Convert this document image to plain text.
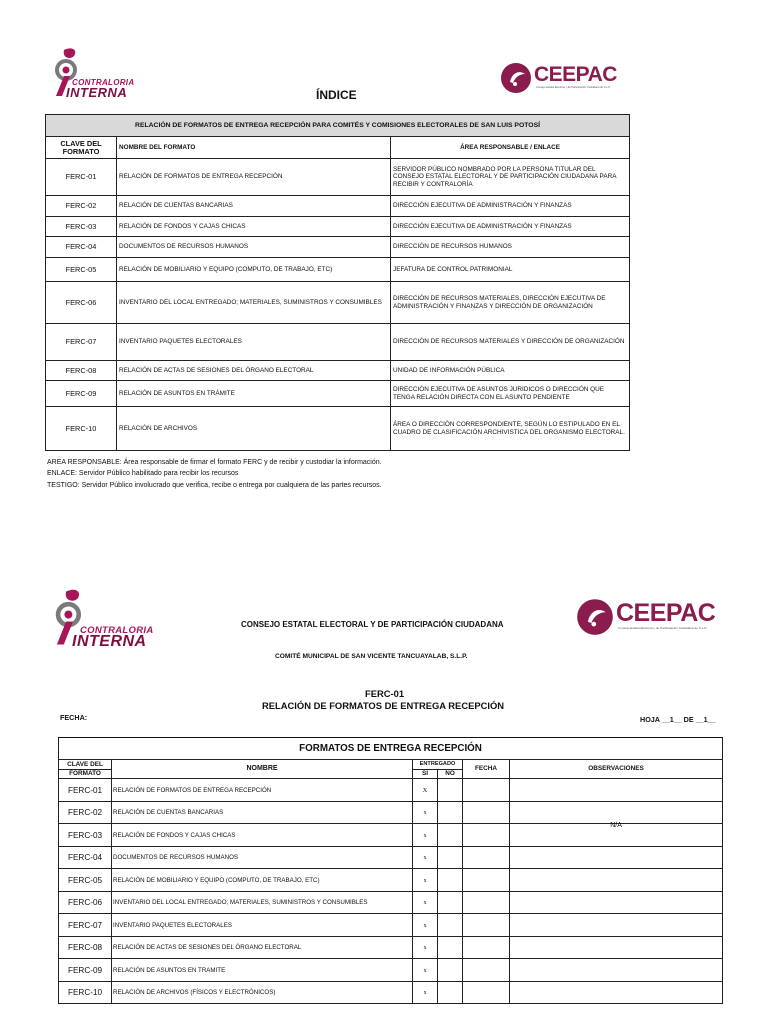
CONTRALORIA
INTERNA
CEEPAC
Consejo Estatal Electoral y de Participación Ciudadana de S.L.P.
ÍNDICE
RELACIÓN DE FORMATOS DE ENTREGA RECEPCIÓN PARA COMITÉS Y COMISIONES ELECTORALES DE SAN LUIS POTOSÍ		
CLAVE DEL FORMATO	NOMBRE DEL FORMATO	ÁREA RESPONSABLE / ENLACE
FERC-01	RELACIÓN DE FORMATOS DE ENTREGA RECEPCIÓN	SERVIDOR PÚBLICO NOMBRADO POR LA PERSONA TITULAR DEL CONSEJO ESTATAL ELECTORAL Y DE PARTICIPACIÓN CIUDADANA PARA RECIBIR Y CONTRALORÍA
FERC-02	RELACIÓN DE CUENTAS BANCARIAS	DIRECCIÓN EJECUTIVA DE ADMINISTRACIÓN Y FINANZAS
FERC-03	RELACIÓN DE FONDOS Y CAJAS CHICAS	DIRECCIÓN EJECUTIVA DE ADMINISTRACIÓN Y FINANZAS
FERC-04	DOCUMENTOS DE RECURSOS HUMANOS	DIRECCIÓN DE RECURSOS HUMANOS
FERC-05	RELACIÓN DE MOBILIARIO Y EQUIPO (COMPUTO, DE TRABAJO, ETC)	JEFATURA DE CONTROL PATRIMONIAL
FERC-06	INVENTARIO DEL LOCAL ENTREGADO; MATERIALES, SUMINISTROS Y CONSUMIBLES	DIRECCIÓN DE RECURSOS MATERIALES, DIRECCIÓN EJECUTIVA DE ADMINISTRACIÓN Y FINANZAS Y DIRECCIÓN DE ORGANIZACIÓN
FERC-07	INVENTARIO PAQUETES ELECTORALES	DIRECCIÓN DE RECURSOS MATERIALES Y DIRECCIÓN DE ORGANIZACIÓN
FERC-08	RELACIÓN DE ACTAS DE SESIONES DEL ÓRGANO ELECTORAL	UNIDAD DE INFORMACIÓN PÚBLICA
FERC-09	RELACIÓN DE ASUNTOS EN TRÁMITE	DIRECCIÓN EJECUTIVA DE ASUNTOS JURIDICOS O DIRECCIÓN QUE TENGA RELACIÓN DIRECTA CON EL ASUNTO PENDIENTE
FERC-10	RELACIÓN DE ARCHIVOS	ÁREA O DIRECCIÓN CORRESPONDIENTE, SEGÚN LO ESTIPULADO EN EL CUADRO DE CLASIFICACIÓN ARCHIVISTICA DEL ORGANISMO ELECTORAL.
AREA RESPONSABLE: Área responsable de firmar el formato FERC y de recibir y custodiar la información.
ENLACE: Servidor Público habilitado para recibir los recursos
TESTIGO: Servidor Público involucrado que verifica, recibe o entrega por cualquiera de las partes recursos.
CONTRALORIA
INTERNA
CEEPAC
Consejo Estatal Electoral y de Participación Ciudadana de S.L.P.
CONSEJO ESTATAL ELECTORAL Y DE PARTICIPACIÓN CIUDADANA
COMITÉ MUNICIPAL DE SAN VICENTE TANCUAYALAB, S.L.P.
FERC-01
RELACIÓN DE FORMATOS DE ENTREGA RECEPCIÓN
FECHA:	HOJA __1__ DE __1__
FORMATOS DE ENTREGA RECEPCIÓN					

CLAVE DEL
FORMATO	NOMBRE	ENTREGADO		FECHA	OBSERVACIONES
		SI	NO		
FERC-01	RELACIÓN DE FORMATOS DE ENTREGA RECEPCIÓN	X			
FERC-02	RELACIÓN DE CUENTAS BANCARIAS	x			N/A
FERC-03	RELACIÓN DE FONDOS Y CAJAS CHICAS	x			
FERC-04	DOCUMENTOS DE RECURSOS HUMANOS	x			
FERC-05	RELACIÓN DE MOBILIARIO Y EQUIPO (COMPUTO, DE TRABAJO, ETC)	x			
FERC-06	INVENTARIO DEL LOCAL ENTREGADO; MATERIALES, SUMINISTROS Y CONSUMIBLES	x			
FERC-07	INVENTARIO PAQUETES ELECTORALES	x			
FERC-08	RELACIÓN DE ACTAS DE SESIONES DEL ÓRGANO ELECTORAL	x			
FERC-09	RELACIÓN DE ASUNTOS EN TRAMITE	x			
FERC-10	RELACIÓN DE ARCHIVOS (FÍSICOS Y ELECTRÓNICOS)	x			
